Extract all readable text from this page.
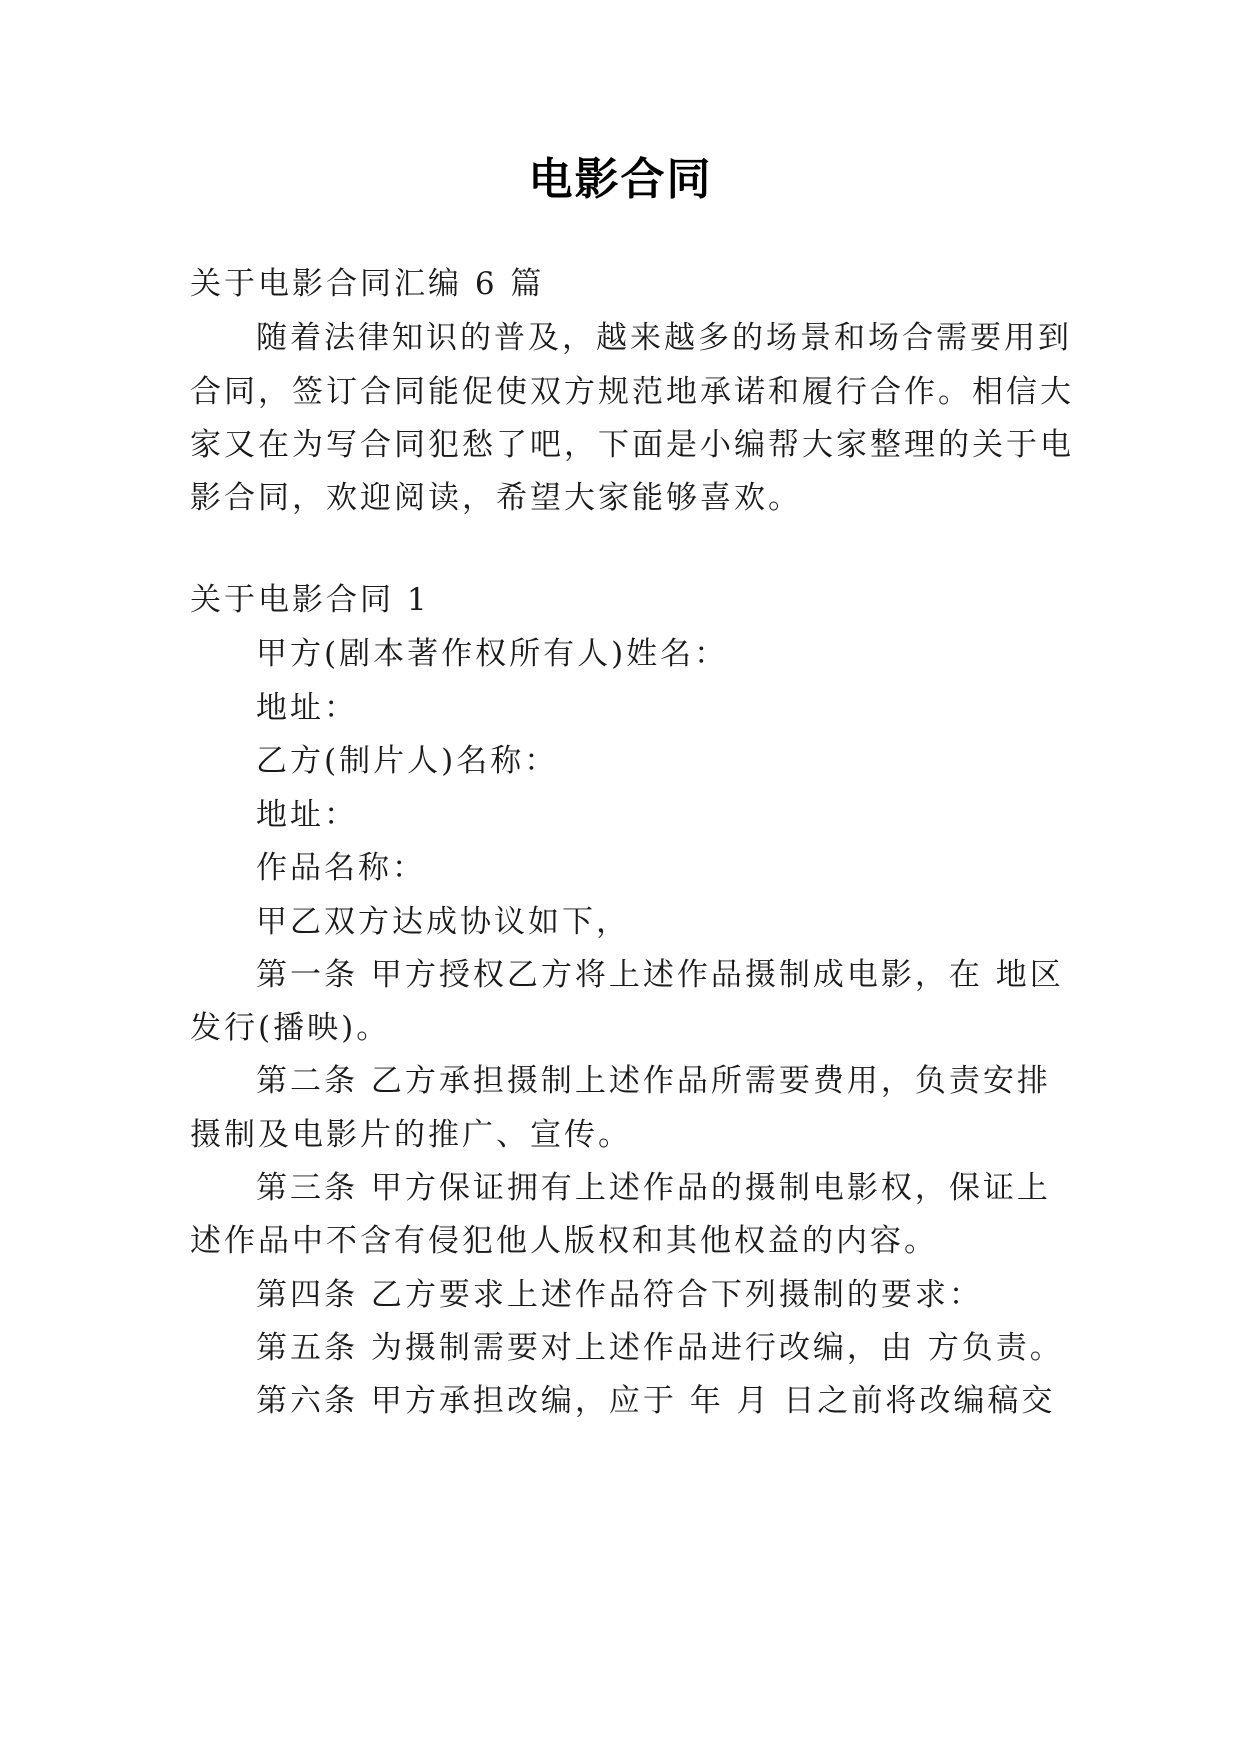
电影合同
关于电影合同汇编 6 篇
随着法律知识的普及，越来越多的场景和场合需要用到
合同，签订合同能促使双方规范地承诺和履行合作。相信大
家又在为写合同犯愁了吧，下面是小编帮大家整理的关于电
影合同，欢迎阅读，希望大家能够喜欢。
关于电影合同 1
甲方(剧本著作权所有人)姓名：
地址：
乙方(制片人)名称：
地址：
作品名称：
甲乙双方达成协议如下，
第一条 甲方授权乙方将上述作品摄制成电影，在 地区
发行(播映)。
第二条 乙方承担摄制上述作品所需要费用，负责安排
摄制及电影片的推广、宣传。
第三条 甲方保证拥有上述作品的摄制电影权，保证上
述作品中不含有侵犯他人版权和其他权益的内容。
第四条 乙方要求上述作品符合下列摄制的要求：
第五条 为摄制需要对上述作品进行改编，由 方负责。
第六条 甲方承担改编，应于 年 月 日之前将改编稿交
